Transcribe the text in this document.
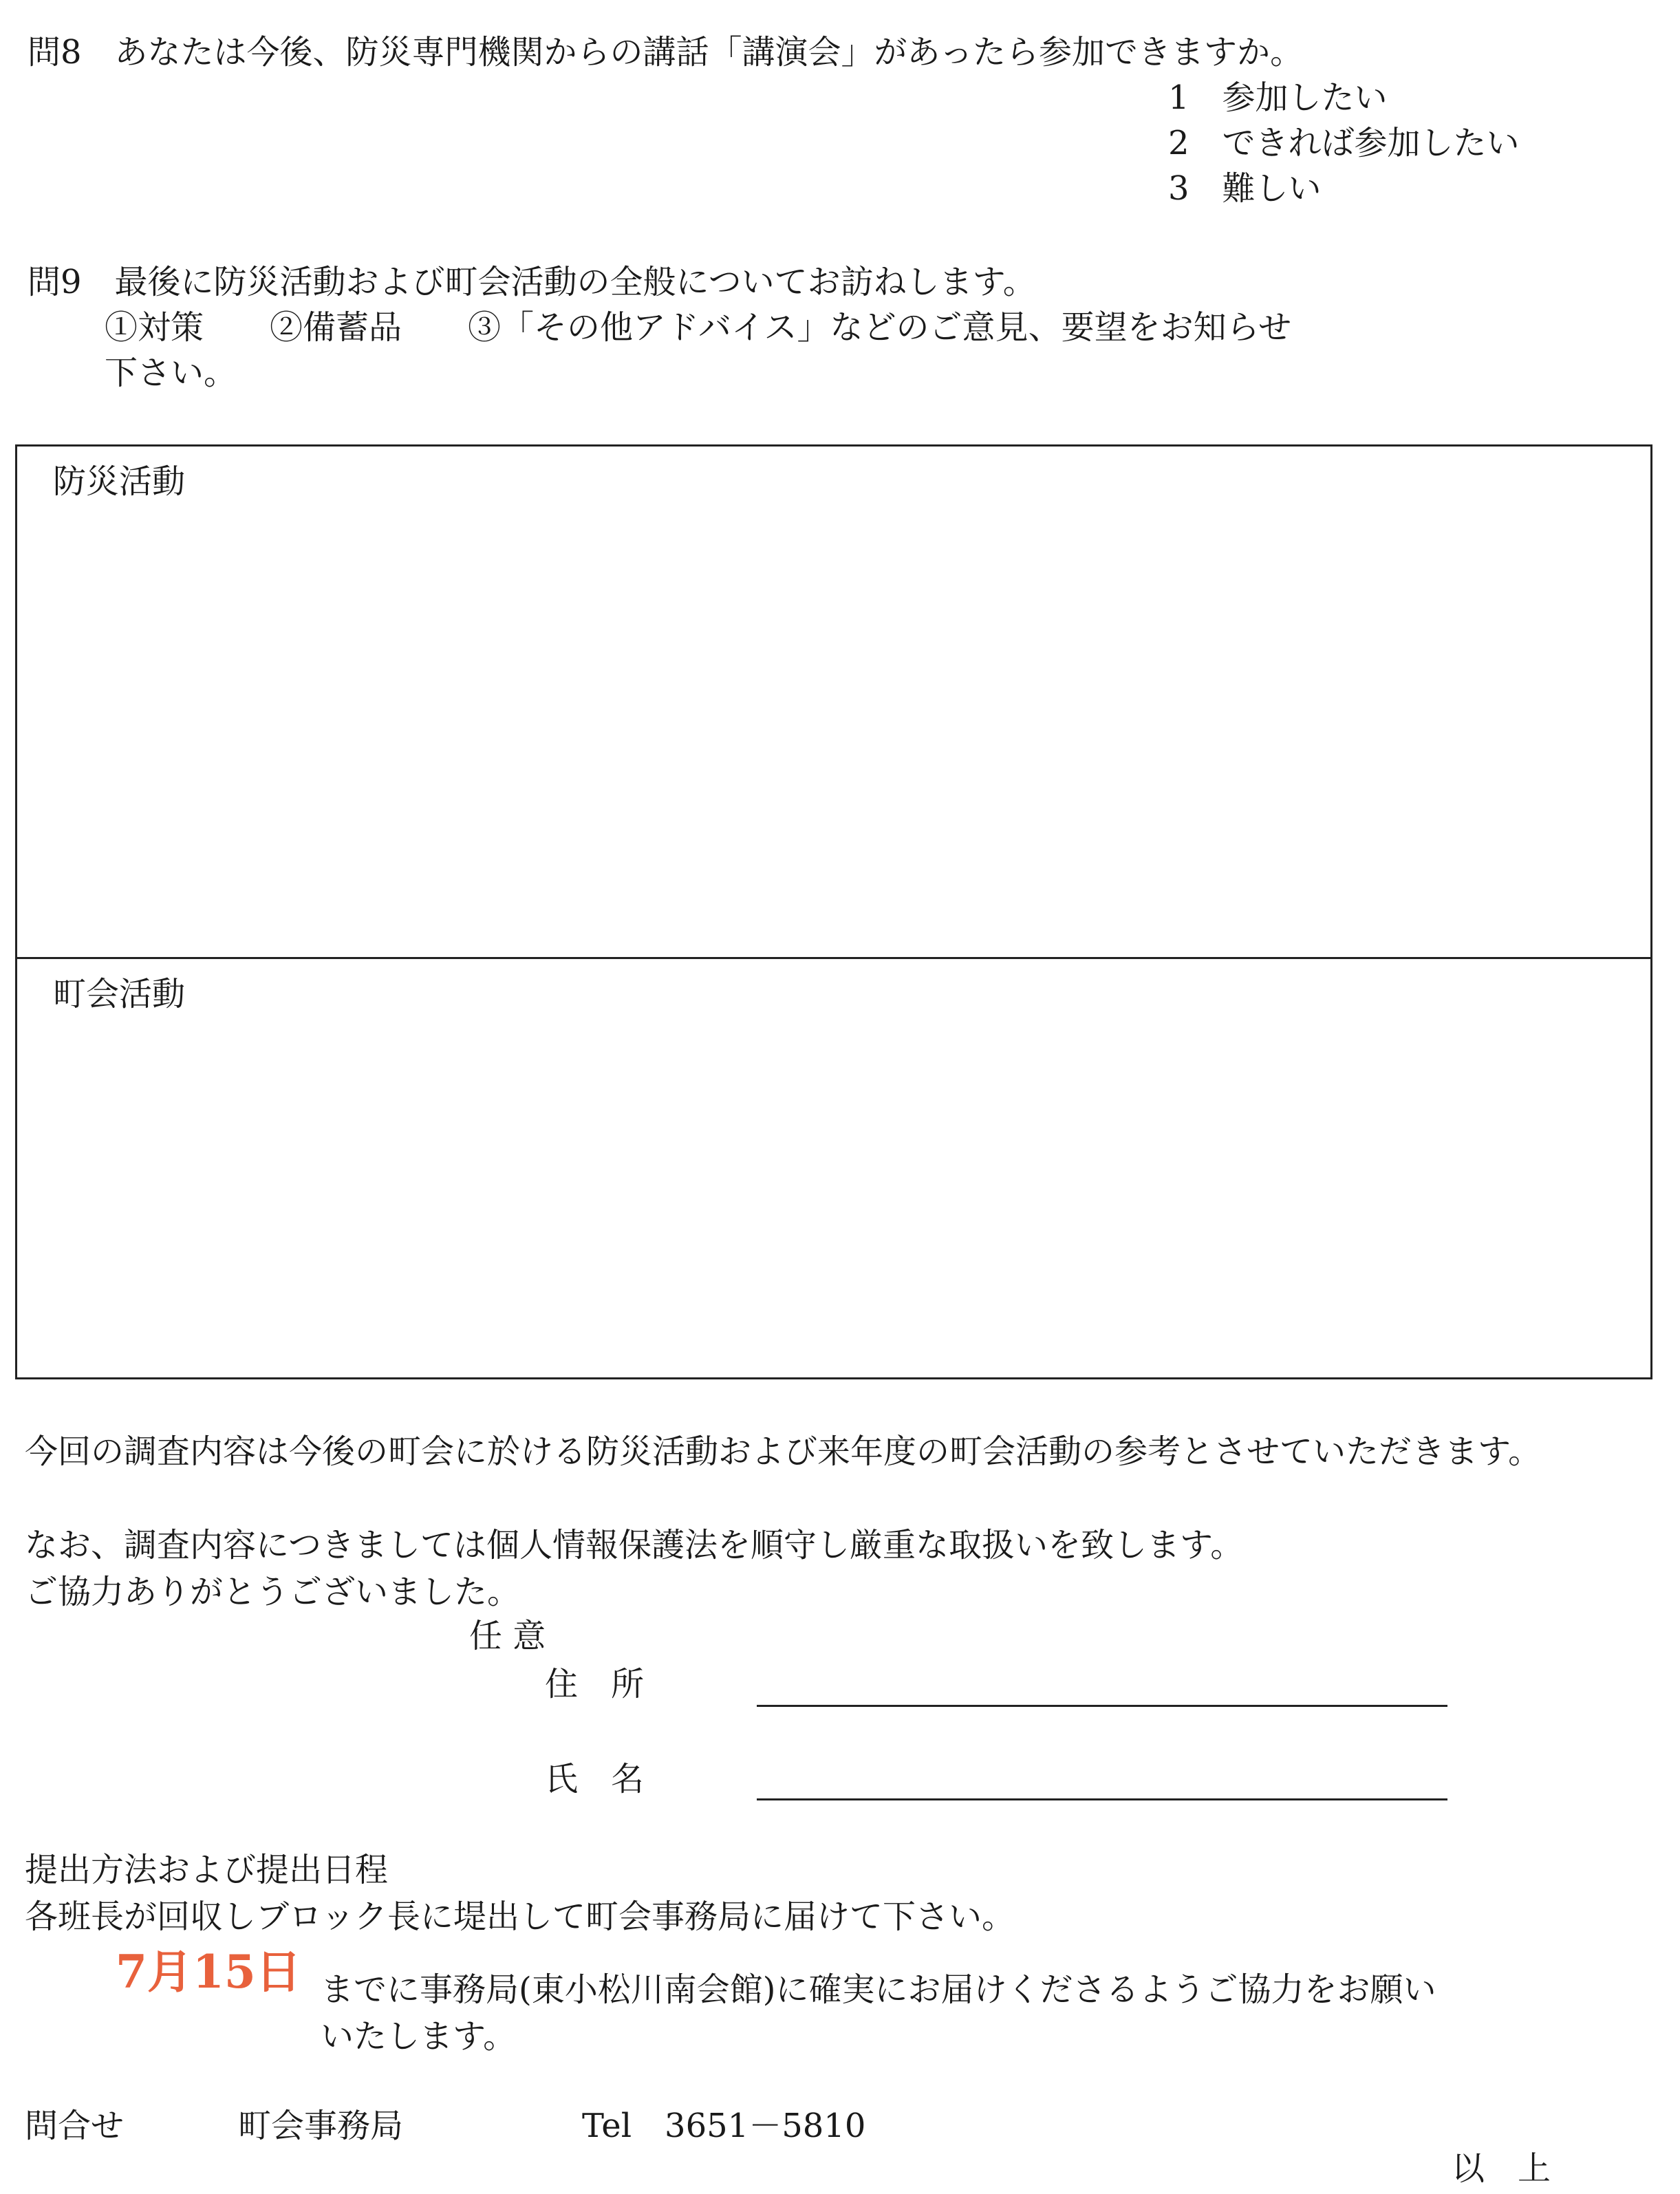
問8　あなたは今後、防災専門機関からの講話「講演会」があったら参加できますか。
1　参加したい
2　できれば参加したい
3　難しい
問9　最後に防災活動および町会活動の全般についてお訪ねします。
①対策　　②備蓄品　　③「その他アドバイス」などのご意見、要望をお知らせ
下さい。
防災活動
町会活動
今回の調査内容は今後の町会に於ける防災活動および来年度の町会活動の参考とさせていただきます。
なお、調査内容につきましては個人情報保護法を順守し厳重な取扱いを致します。
ご協力ありがとうございました。
任 意
住　所
氏　名
提出方法および提出日程
各班長が回収しブロック長に堤出して町会事務局に届けて下さい。
7月15日 までに事務局(東小松川南会館)に確実にお届けくださるようご協力をお願い
いたします。
問合せ	町会事務局	Tel　3651－5810
以　上
